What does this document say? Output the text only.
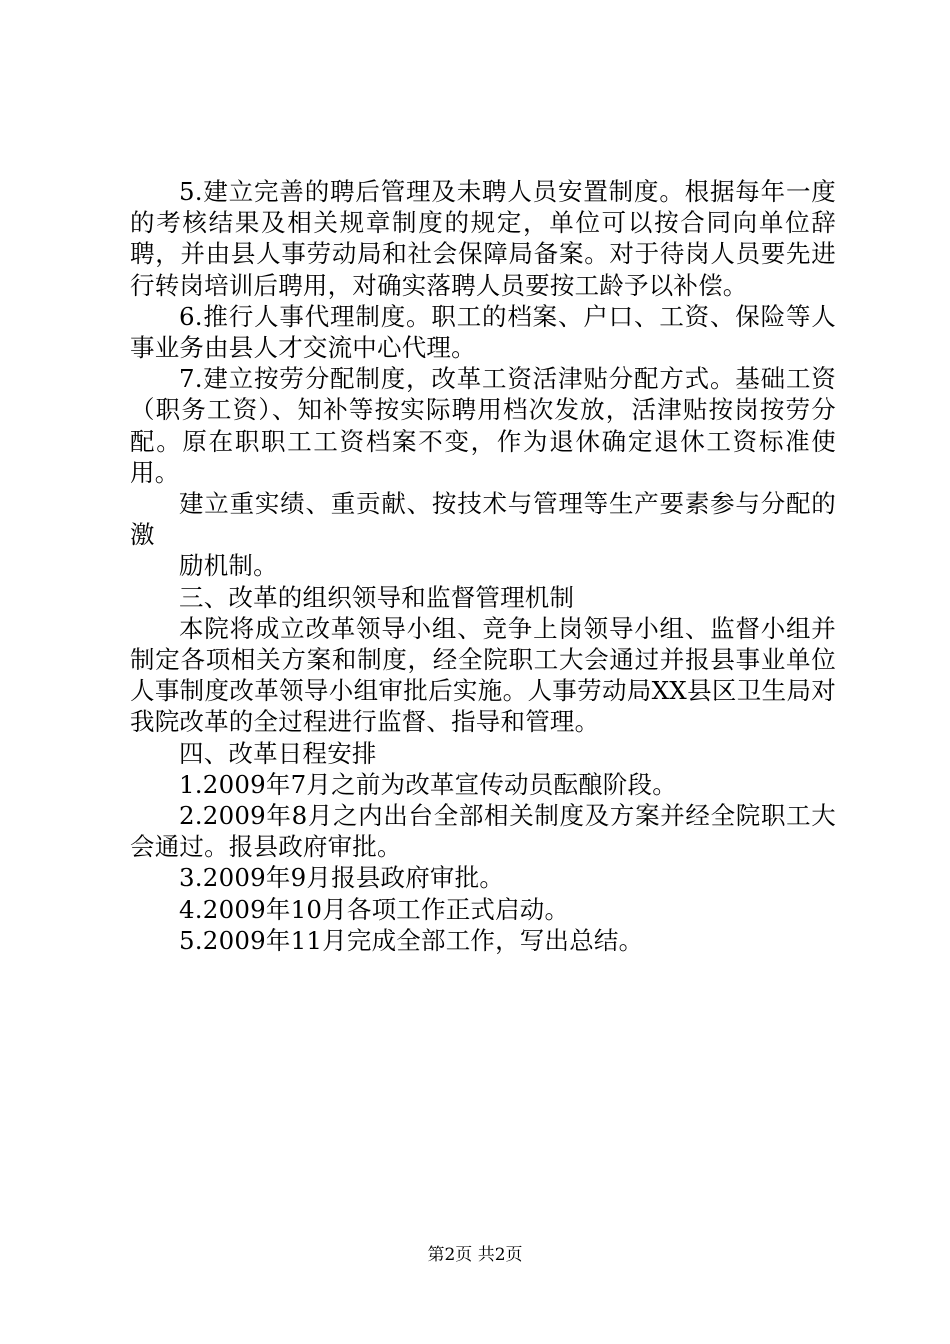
5.建立完善的聘后管理及未聘人员安置制度。根据每年一度的考核结果及相关规章制度的规定，单位可以按合同向单位辞聘，并由县人事劳动局和社会保障局备案。对于待岗人员要先进行转岗培训后聘用，对确实落聘人员要按工龄予以补偿。

6.推行人事代理制度。职工的档案、户口、工资、保险等人事业务由县人才交流中心代理。

7.建立按劳分配制度，改革工资活津贴分配方式。基础工资（职务工资）、知补等按实际聘用档次发放，活津贴按岗按劳分配。原在职职工工资档案不变，作为退休确定退休工资标准使用。

建立重实绩、重贡献、按技术与管理等生产要素参与分配的激

励机制。

三、改革的组织领导和监督管理机制

本院将成立改革领导小组、竞争上岗领导小组、监督小组并制定各项相关方案和制度，经全院职工大会通过并报县事业单位人事制度改革领导小组审批后实施。人事劳动局XX县区卫生局对我院改革的全过程进行监督、指导和管理。

四、改革日程安排

1.2009年7月之前为改革宣传动员酝酿阶段。

2.2009年8月之内出台全部相关制度及方案并经全院职工大会通过。报县政府审批。

3.2009年9月报县政府审批。

4.2009年10月各项工作正式启动。

5.2009年11月完成全部工作，写出总结。

第2页 共2页
